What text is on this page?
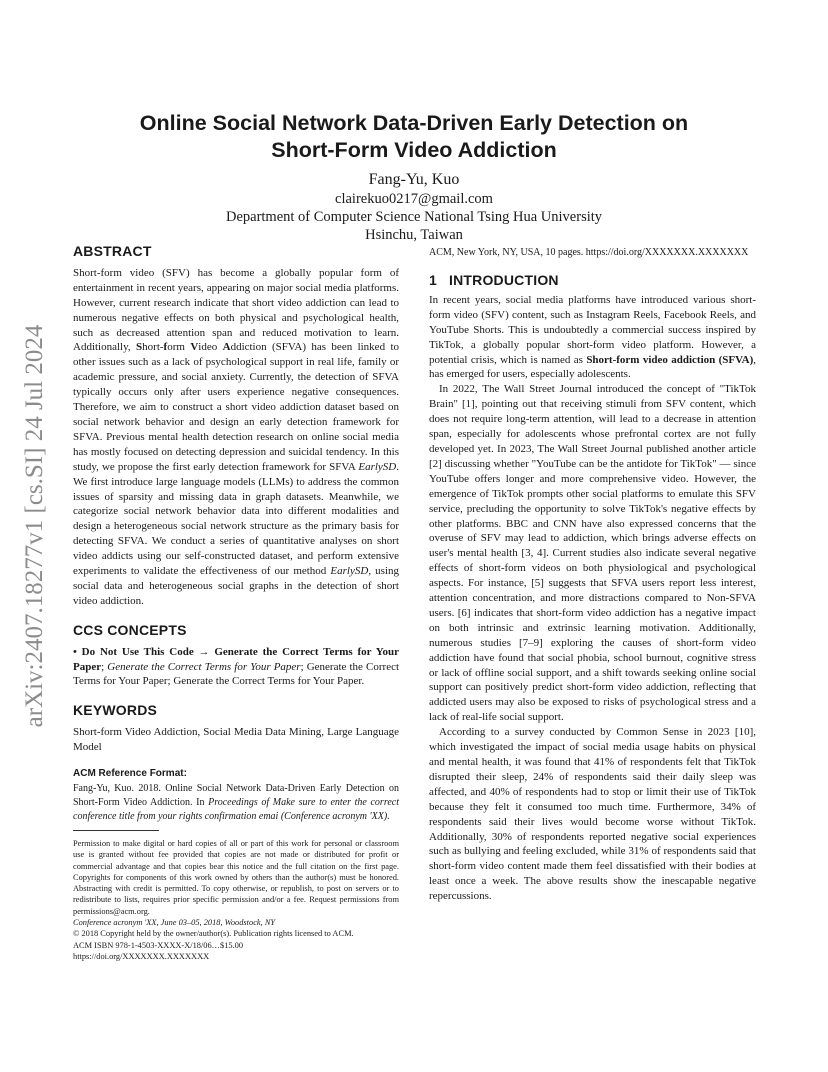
arXiv:2407.18277v1 [cs.SI] 24 Jul 2024
Online Social Network Data-Driven Early Detection on
Short-Form Video Addiction
Fang-Yu, Kuo
clairekuo0217@gmail.com
Department of Computer Science National Tsing Hua University
Hsinchu, Taiwan
ABSTRACT

Short-form video (SFV) has become a globally popular form of entertainment in recent years, appearing on major social media platforms. However, current research indicate that short video addiction can lead to numerous negative effects on both physical and psychological health, such as decreased attention span and reduced motivation to learn. Additionally, Short-form Video Addiction (SFVA) has been linked to other issues such as a lack of psychological support in real life, family or academic pressure, and social anxiety. Currently, the detection of SFVA typically occurs only after users experience negative consequences. Therefore, we aim to construct a short video addiction dataset based on social network behavior and design an early detection framework for SFVA. Previous mental health detection research on online social media has mostly focused on detecting depression and suicidal tendency. In this study, we propose the first early detection framework for SFVA EarlySD. We first introduce large language models (LLMs) to address the common issues of sparsity and missing data in graph datasets. Meanwhile, we categorize social network behavior data into different modalities and design a heterogeneous social network structure as the primary basis for detecting SFVA. We conduct a series of quantitative analyses on short video addicts using our self-constructed dataset, and perform extensive experiments to validate the effectiveness of our method EarlySD, using social data and heterogeneous social graphs in the detection of short video addiction.

CCS CONCEPTS

• Do Not Use This Code → Generate the Correct Terms for Your Paper; Generate the Correct Terms for Your Paper; Generate the Correct Terms for Your Paper; Generate the Correct Terms for Your Paper.

KEYWORDS

Short-form Video Addiction, Social Media Data Mining, Large Language Model

ACM Reference Format:

Fang-Yu, Kuo. 2018. Online Social Network Data-Driven Early Detection on Short-Form Video Addiction. In Proceedings of Make sure to enter the correct conference title from your rights confirmation emai (Conference acronym 'XX).

Permission to make digital or hard copies of all or part of this work for personal or classroom use is granted without fee provided that copies are not made or distributed for profit or commercial advantage and that copies bear this notice and the full citation on the first page. Copyrights for components of this work owned by others than the author(s) must be honored. Abstracting with credit is permitted. To copy otherwise, or republish, to post on servers or to redistribute to lists, requires prior specific permission and/or a fee. Request permissions from permissions@acm.org.
Conference acronym 'XX, June 03–05, 2018, Woodstock, NY
© 2018 Copyright held by the owner/author(s). Publication rights licensed to ACM.
ACM ISBN 978-1-4503-XXXX-X/18/06…$15.00
https://doi.org/XXXXXXX.XXXXXXX

ACM, New York, NY, USA, 10 pages. https://doi.org/XXXXXXX.XXXXXXX

1 INTRODUCTION

In recent years, social media platforms have introduced various short-form video (SFV) content, such as Instagram Reels, Facebook Reels, and YouTube Shorts. This is undoubtedly a commercial success inspired by TikTok, a globally popular short-form video platform. However, a potential crisis, which is named as Short-form video addiction (SFVA), has emerged for users, especially adolescents.

In 2022, The Wall Street Journal introduced the concept of "TikTok Brain" [1], pointing out that receiving stimuli from SFV content, which does not require long-term attention, will lead to a decrease in attention span, especially for adolescents whose prefrontal cortex are not fully developed yet. In 2023, The Wall Street Journal published another article [2] discussing whether "YouTube can be the antidote for TikTok" — since YouTube offers longer and more comprehensive video. However, the emergence of TikTok prompts other social platforms to emulate this SFV service, precluding the opportunity to solve TikTok's negative effects by other platforms. BBC and CNN have also expressed concerns that the overuse of SFV may lead to addiction, which brings adverse effects on user's mental health [3, 4]. Current studies also indicate several negative effects of short-form videos on both physiological and psychological aspects. For instance, [5] suggests that SFVA users report less interest, attention concentration, and more distractions compared to Non-SFVA users. [6] indicates that short-form video addiction has a negative impact on both intrinsic and extrinsic learning motivation. Additionally, numerous studies [7–9] exploring the causes of short-form video addiction have found that social phobia, school burnout, cognitive stress or lack of offline social support, and a shift towards seeking online social support can positively predict short-form video addiction, reflecting that addicted users may also be exposed to risks of psychological stress and a lack of real-life social support.

According to a survey conducted by Common Sense in 2023 [10], which investigated the impact of social media usage habits on physical and mental health, it was found that 41% of respondents felt that TikTok disrupted their sleep, 24% of respondents said their daily sleep was affected, and 40% of respondents had to stop or limit their use of TikTok because they felt it consumed too much time. Furthermore, 34% of respondents said their lives would become worse without TikTok. Additionally, 30% of respondents reported negative social experiences such as bullying and feeling excluded, while 31% of respondents said that short-form video content made them feel dissatisfied with their bodies at least once a week. The above results show the inescapable negative repercussions.
